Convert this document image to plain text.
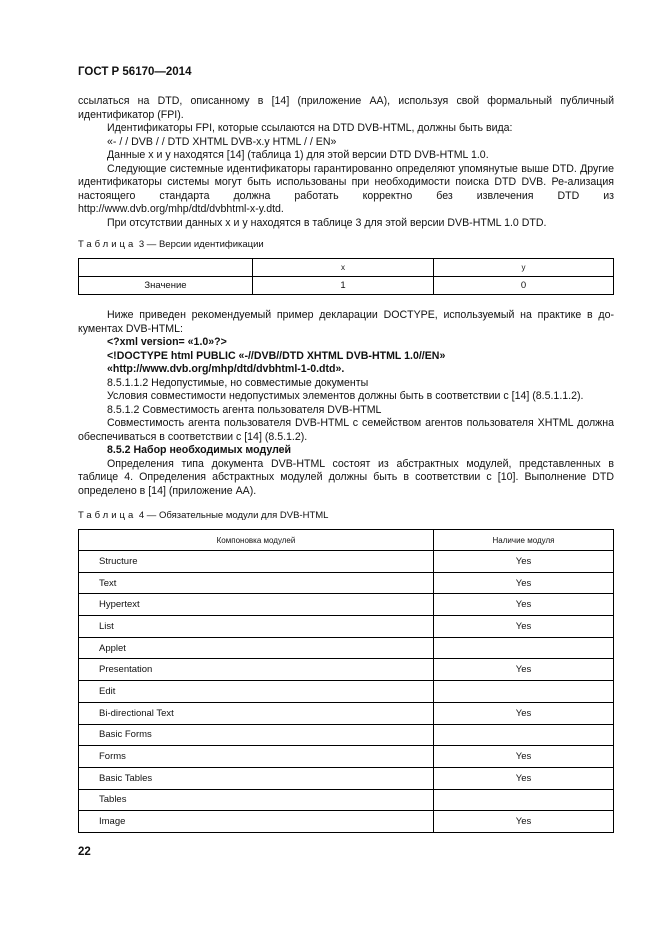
ГОСТ Р 56170—2014

ссылаться на DTD, описанному в [14] (приложение АА), используя свой формальный публичный идентификатор (FPI).

Идентификаторы FPI, которые ссылаются на DTD DVB-HTML, должны быть вида:

«- / / DVB / / DTD XHTML DVB-x.y HTML / / EN»

Данные x и y находятся [14] (таблица 1) для этой версии DTD DVB-HTML 1.0.

Следующие системные идентификаторы гарантированно определяют упомянутые выше DTD. Другие идентификаторы системы могут быть использованы при необходимости поиска DTD DVB. Ре-ализация настоящего стандарта должна работать корректно без извлечения DTD из

http://www.dvb.org/mhp/dtd/dvbhtml-x-y.dtd.

При отсутствии данных x и y находятся в таблице 3 для этой версии DVB-HTML 1.0 DTD.

Таблица 3 — Версии идентификации
	x	y
Значение	1	0

Ниже приведен рекомендуемый пример декларации DOCTYPE, используемый на практике в до-кументах DVB-HTML:

<?xml version= «1.0»?>

<!DOCTYPE html PUBLIC «-//DVB//DTD XHTML DVB-HTML 1.0//EN»

«http://www.dvb.org/mhp/dtd/dvbhtml-1-0.dtd».

8.5.1.1.2 Недопустимые, но совместимые документы

Условия совместимости недопустимых элементов должны быть в соответствии с [14] (8.5.1.1.2).

8.5.1.2 Совместимость агента пользователя DVB-HTML

Совместимость агента пользователя DVB-HTML с семейством агентов пользователя XHTML должна обеспечиваться в соответствии с [14] (8.5.1.2).

8.5.2 Набор необходимых модулей

Определения типа документа DVB-HTML состоят из абстрактных модулей, представленных в таблице 4. Определения абстрактных модулей должны быть в соответствии с [10]. Выполнение DTD определено в [14] (приложение АА).

Таблица 4 — Обязательные модули для DVB-HTML
Компоновка модулей	Наличие модуля
Structure	Yes
Text	Yes
Hypertext	Yes
List	Yes
Applet	
Presentation	Yes
Edit	
Bi-directional Text	Yes
Basic Forms	
Forms	Yes
Basic Tables	Yes
Tables	
Image	Yes
22
